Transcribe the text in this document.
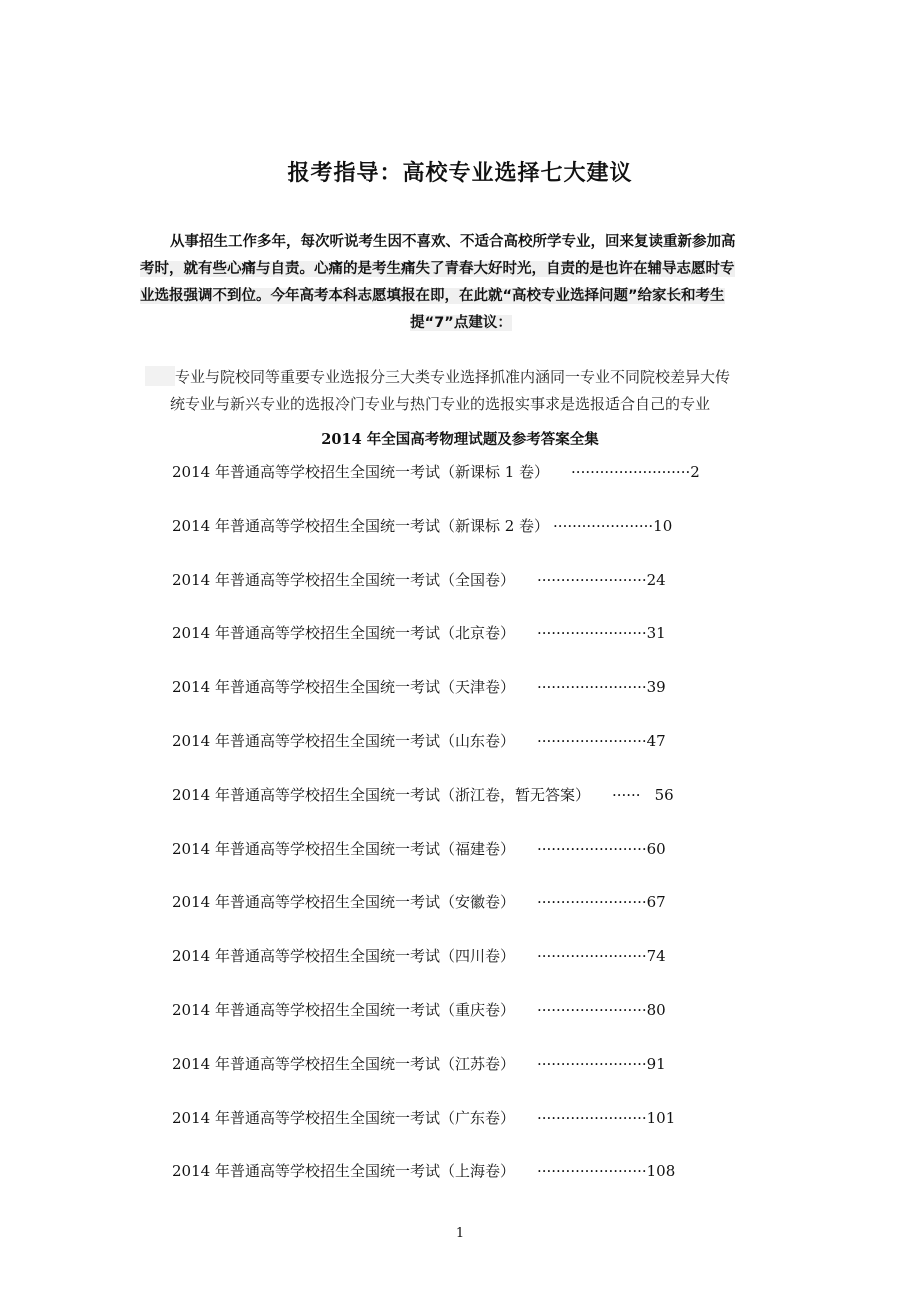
报考指导：高校专业选择七大建议
从事招生工作多年，每次听说考生因不喜欢、不适合高校所学专业，回来复读重新参加高
考时，就有些心痛与自责。心痛的是考生痛失了青春大好时光，自责的是也许在辅导志愿时专
业选报强调不到位。今年高考本科志愿填报在即，在此就“高校专业选择问题”给家长和考生
提“7”点建议：
专业与院校同等重要专业选报分三大类专业选择抓准内涵同一专业不同院校差异大传
统专业与新兴专业的选报冷门专业与热门专业的选报实事求是选报适合自己的专业
2014 年全国高考物理试题及参考答案全集
2014 年普通高等学校招生全国统一考试（新课标 1 卷） ·························2
2014 年普通高等学校招生全国统一考试（新课标 2 卷） ·····················10
2014 年普通高等学校招生全国统一考试（全国卷） ·······················24
2014 年普通高等学校招生全国统一考试（北京卷） ·······················31
2014 年普通高等学校招生全国统一考试（天津卷） ·······················39
2014 年普通高等学校招生全国统一考试（山东卷） ·······················47
2014 年普通高等学校招生全国统一考试（浙江卷，暂无答案） ······ 56
2014 年普通高等学校招生全国统一考试（福建卷） ·······················60
2014 年普通高等学校招生全国统一考试（安徽卷） ·······················67
2014 年普通高等学校招生全国统一考试（四川卷） ·······················74
2014 年普通高等学校招生全国统一考试（重庆卷） ·······················80
2014 年普通高等学校招生全国统一考试（江苏卷） ·······················91
2014 年普通高等学校招生全国统一考试（广东卷） ·······················101
2014 年普通高等学校招生全国统一考试（上海卷） ·······················108
1
